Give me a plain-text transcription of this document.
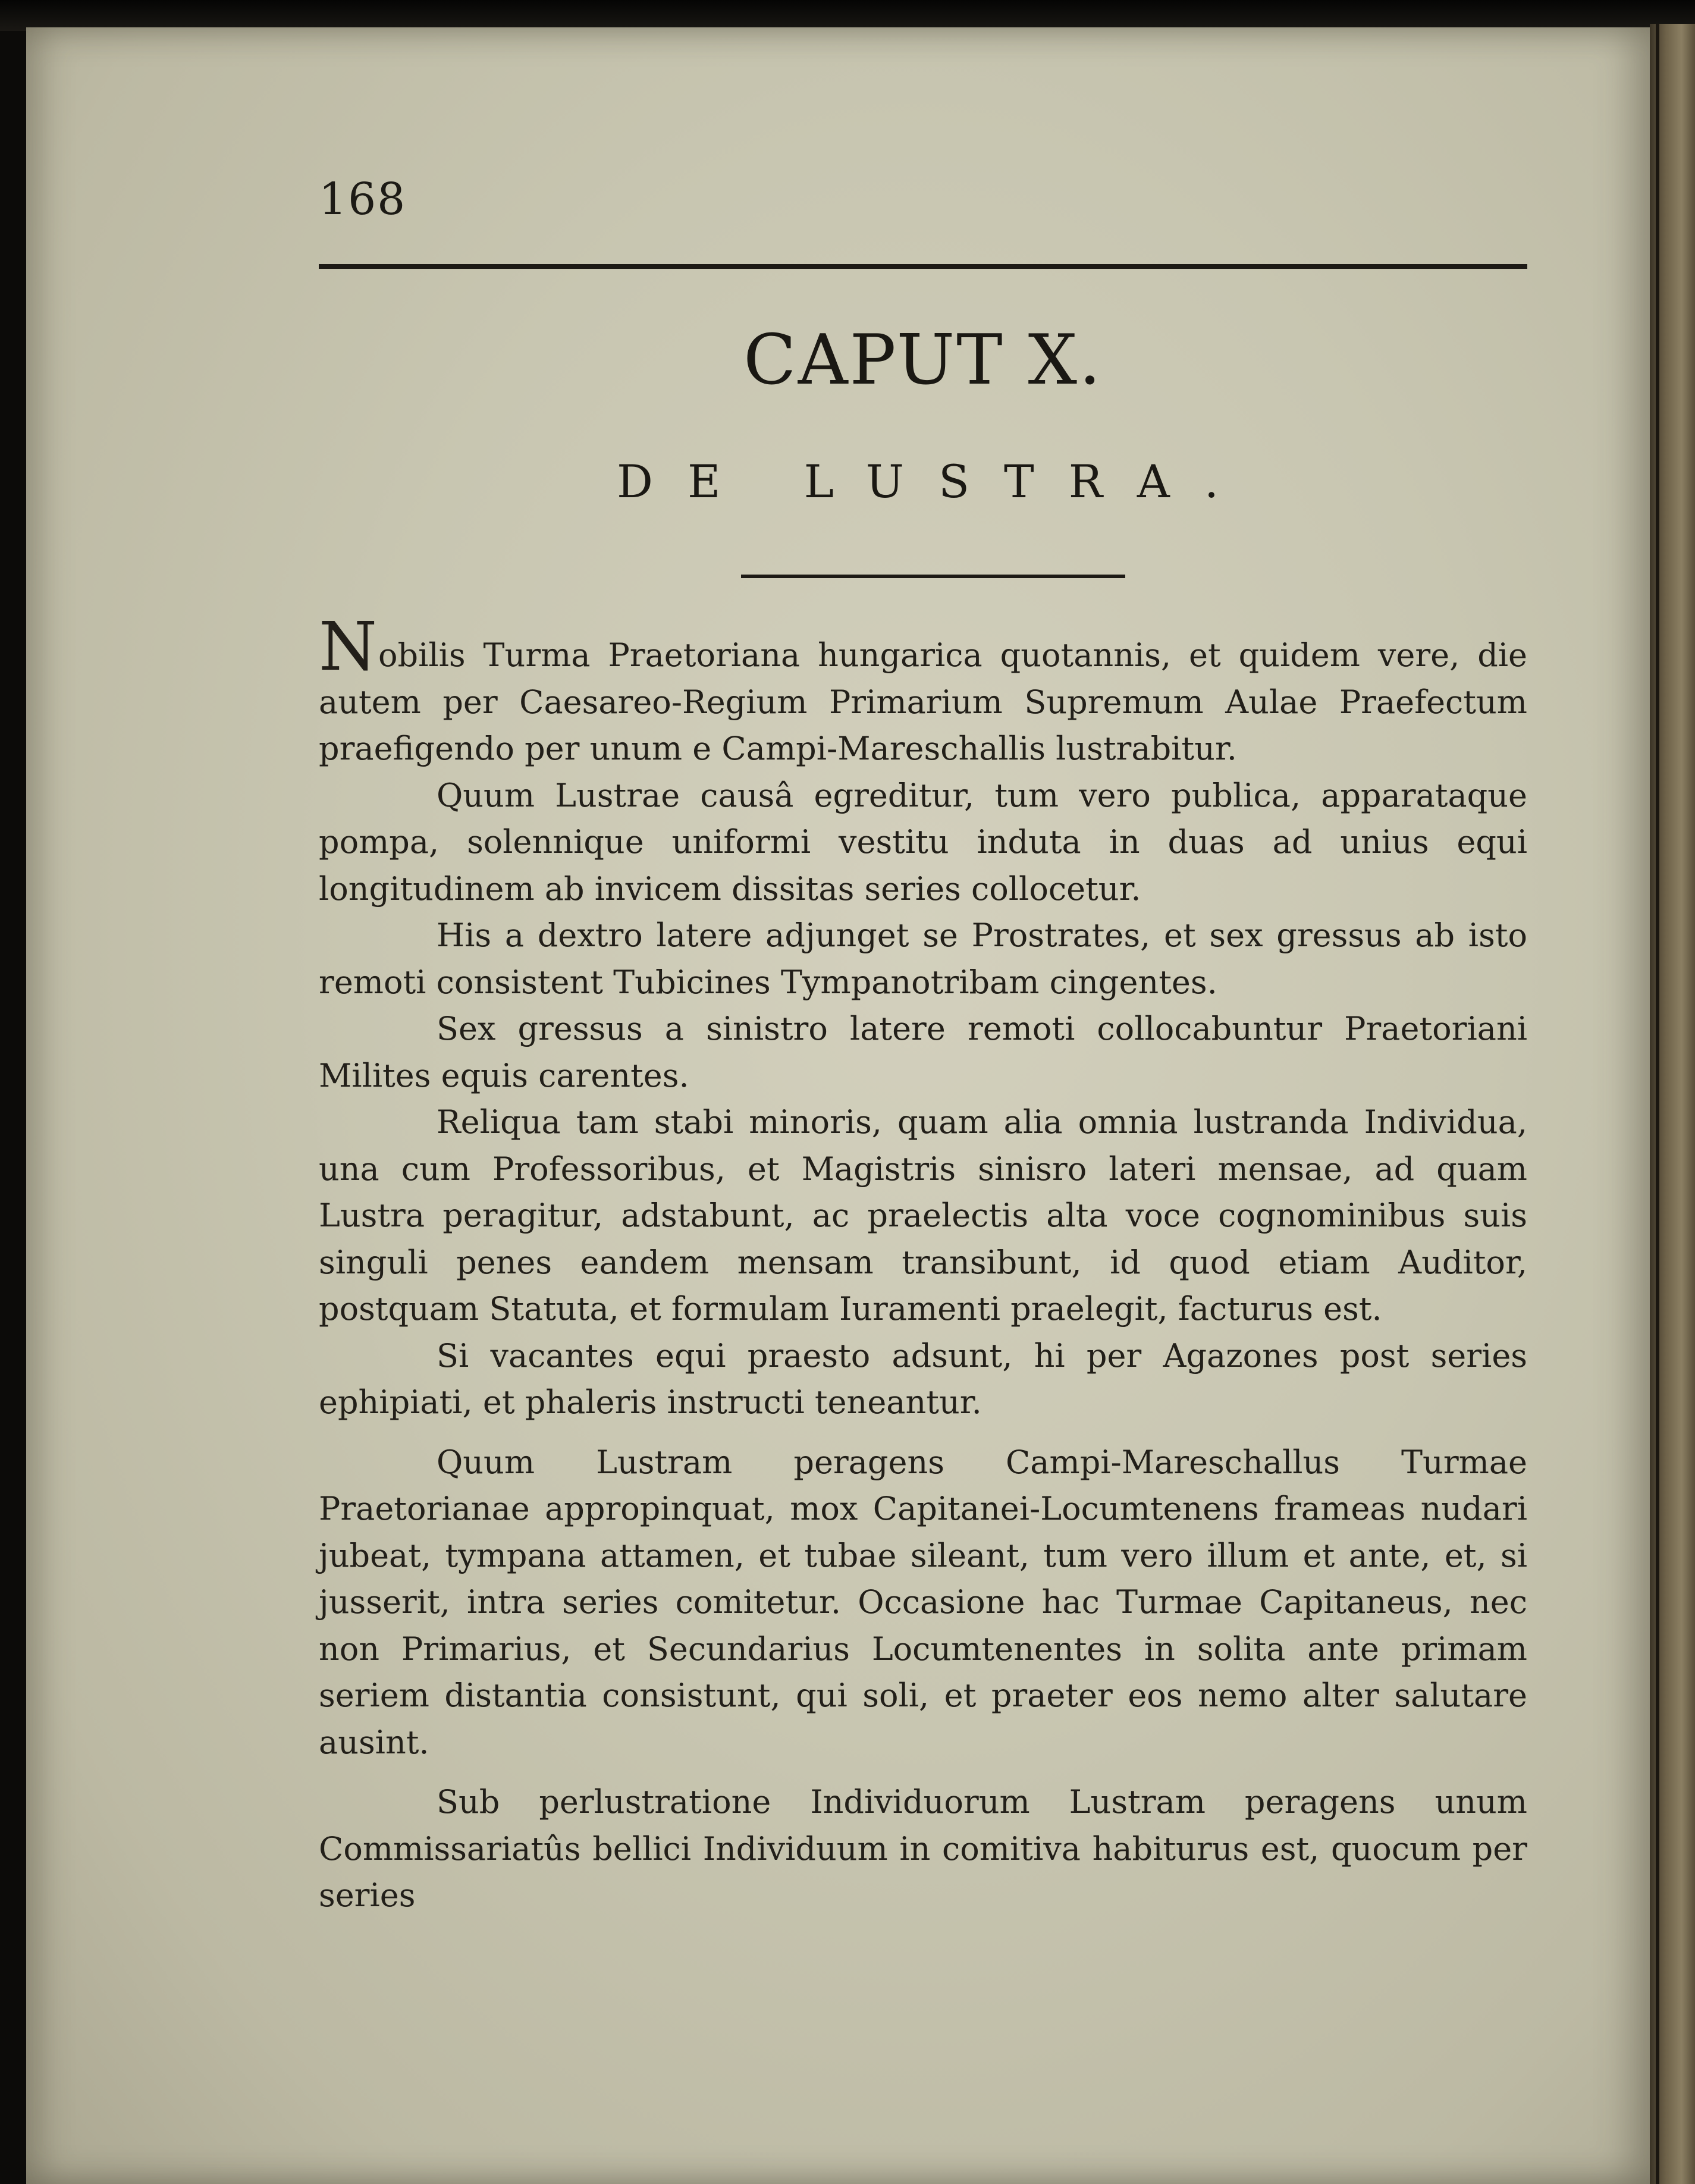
168
CAPUT X.
DE LUSTRA.

Nobilis Turma Praetoriana hungarica quotannis, et quidem vere, die autem per Caesareo-Regium Primarium Supremum Aulae Praefectum praefigendo per unum e Campi-Mareschallis lustrabitur.

Quum Lustrae causâ egreditur, tum vero publica, apparataque pompa, solennique uniformi vestitu induta in duas ad unius equi longitudinem ab invicem dissitas series collocetur.

His a dextro latere adjunget se Prostrates, et sex gressus ab isto remoti consistent Tubicines Tympanotribam cingentes.

Sex gressus a sinistro latere remoti collocabuntur Praetoriani Milites equis carentes.

Reliqua tam stabi minoris, quam alia omnia lustranda Individua, una cum Professoribus, et Magistris sinisro lateri mensae, ad quam Lustra peragitur, adstabunt, ac praelectis alta voce cognominibus suis singuli penes eandem mensam transibunt, id quod etiam Auditor, postquam Statuta, et formulam Iuramenti praelegit, facturus est.

Si vacantes equi praesto adsunt, hi per Agazones post series ephipiati, et phaleris instructi teneantur.

Quum Lustram peragens Campi-Mareschallus Turmae Praetorianae appropinquat, mox Capitanei-Locumtenens frameas nudari jubeat, tympana attamen, et tubae sileant, tum vero illum et ante, et, si jusserit, intra series comitetur. Occasione hac Turmae Capitaneus, nec non Primarius, et Secundarius Locumtenentes in solita ante primam seriem distantia consistunt, qui soli, et praeter eos nemo alter salutare ausint.

Sub perlustratione Individuorum Lustram peragens unum Commissariatûs bellici Individuum in comitiva habiturus est, quocum per series
